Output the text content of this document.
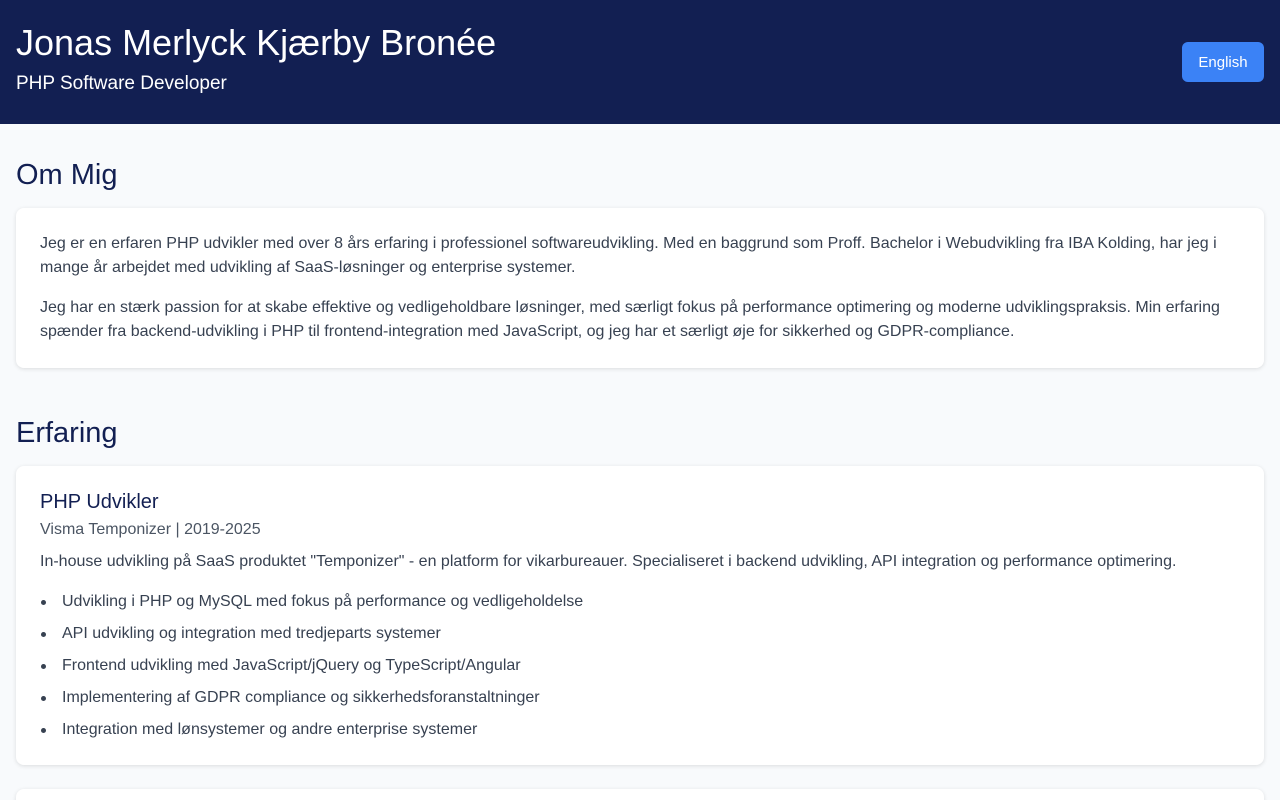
Jonas Merlyck Kjærby Bronée
PHP Software Developer
English
Om Mig

Jeg er en erfaren PHP udvikler med over 8 års erfaring i professionel softwareudvikling. Med en baggrund som Proff. Bachelor i Webudvikling fra IBA Kolding, har jeg i mange år arbejdet med udvikling af SaaS-løsninger og enterprise systemer.

Jeg har en stærk passion for at skabe effektive og vedligeholdbare løsninger, med særligt fokus på performance optimering og moderne udviklingspraksis. Min erfaring spænder fra backend-udvikling i PHP til frontend-integration med JavaScript, og jeg har et særligt øje for sikkerhed og GDPR-compliance.

Erfaring
PHP Udvikler
Visma Temponizer | 2019-2025

In-house udvikling på SaaS produktet "Temponizer" - en platform for vikarbureauer. Specialiseret i backend udvikling, API integration og performance optimering.

Udvikling i PHP og MySQL med fokus på performance og vedligeholdelse
API udvikling og integration med tredjeparts systemer
Frontend udvikling med JavaScript/jQuery og TypeScript/Angular
Implementering af GDPR compliance og sikkerhedsforanstaltninger
Integration med lønsystemer og andre enterprise systemer
